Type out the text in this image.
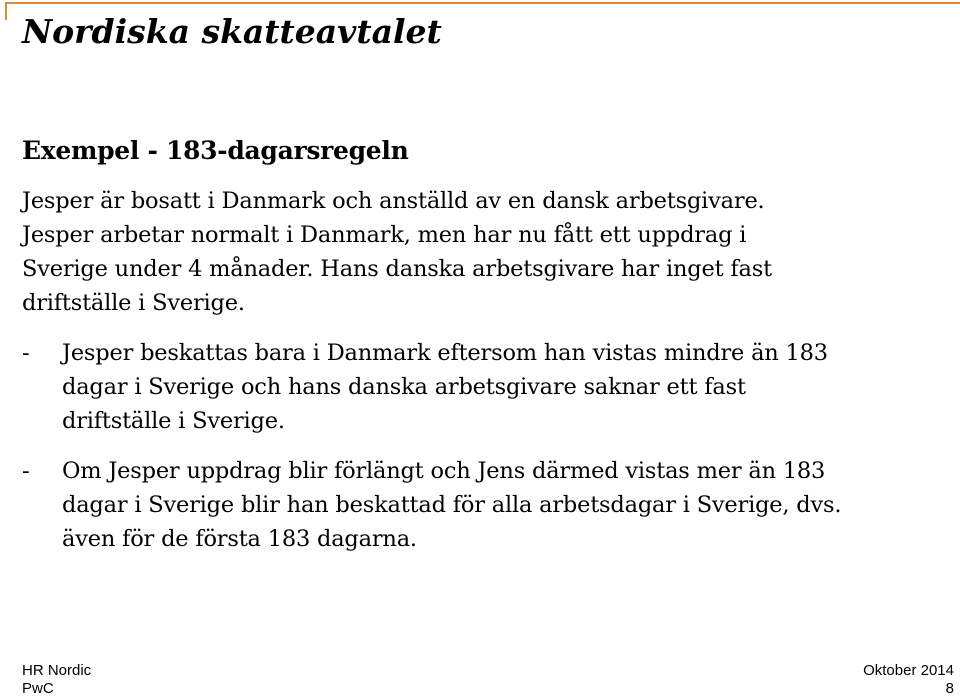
Nordiska skatteavtalet
Exempel - 183-dagarsregeln
Jesper är bosatt i Danmark och anställd av en dansk arbetsgivare.
Jesper arbetar normalt i Danmark, men har nu fått ett uppdrag i
Sverige under 4 månader. Hans danska arbetsgivare har inget fast
driftställe i Sverige.
- Jesper beskattas bara i Danmark eftersom han vistas mindre än 183
dagar i Sverige och hans danska arbetsgivare saknar ett fast
driftställe i Sverige.
- Om Jesper uppdrag blir förlängt och Jens därmed vistas mer än 183
dagar i Sverige blir han beskattad för alla arbetsdagar i Sverige, dvs.
även för de första 183 dagarna.
HR Nordic
PwC
Oktober 2014
8
